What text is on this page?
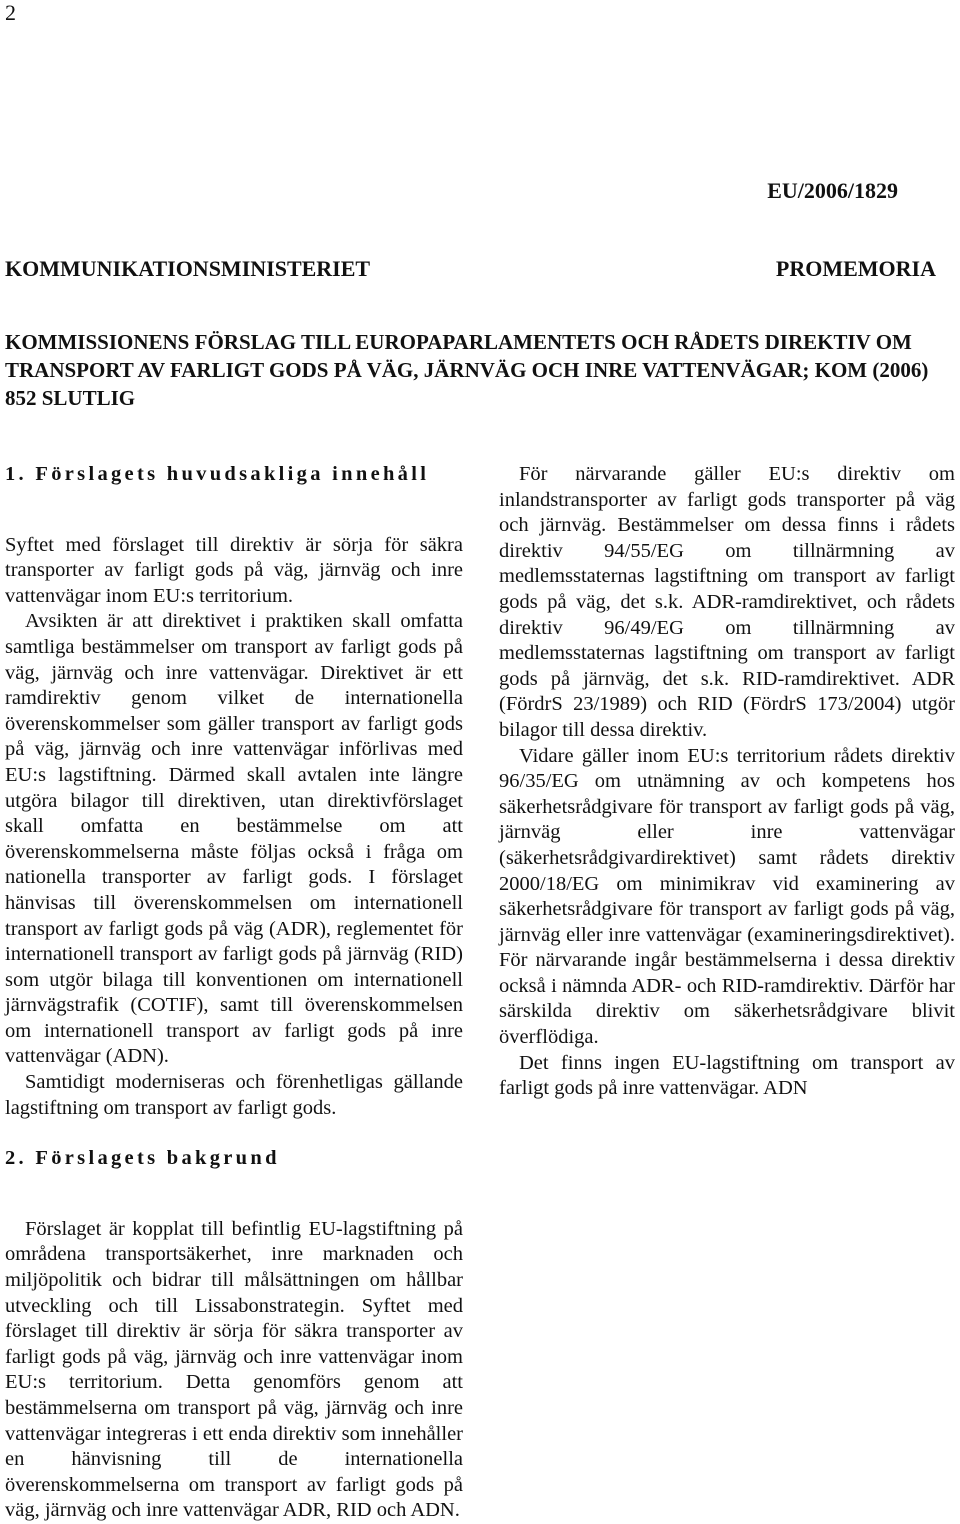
2
EU/2006/1829
KOMMUNIKATIONSMINISTERIET	PROMEMORIA
KOMMISSIONENS FÖRSLAG TILL EUROPAPARLAMENTETS OCH RÅDETS DIREKTIV OM TRANSPORT AV FARLIGT GODS PÅ VÄG, JÄRNVÄG OCH INRE VATTENVÄGAR; KOM (2006) 852 SLUTLIG

1. Förslagets huvudsakliga innehåll

Syftet med förslaget till direktiv är sörja för säkra transporter av farligt gods på väg, järnväg och inre vattenvägar inom EU:s territorium.

Avsikten är att direktivet i praktiken skall omfatta samtliga bestämmelser om transport av farligt gods på väg, järnväg och inre vattenvägar. Direktivet är ett ramdirektiv genom vilket de internationella överenskommelser som gäller transport av farligt gods på väg, järnväg och inre vattenvägar införlivas med EU:s lagstiftning. Därmed skall avtalen inte längre utgöra bilagor till direktiven, utan direktivförslaget skall omfatta en bestämmelse om att överenskommelserna måste följas också i fråga om nationella transporter av farligt gods. I förslaget hänvisas till överenskommelsen om internationell transport av farligt gods på väg (ADR), reglementet för internationell transport av farligt gods på järnväg (RID) som utgör bilaga till konventionen om internationell järnvägstrafik (COTIF), samt till överenskommelsen om internationell transport av farligt gods på inre vattenvägar (ADN).

Samtidigt moderniseras och förenhetligas gällande lagstiftning om transport av farligt gods.

2. Förslagets bakgrund

Förslaget är kopplat till befintlig EU-lagstiftning på områdena transportsäkerhet, inre marknaden och miljöpolitik och bidrar till målsättningen om hållbar utveckling och till Lissabonstrategin. Syftet med förslaget till direktiv är sörja för säkra transporter av farligt gods på väg, järnväg och inre vattenvägar inom EU:s territorium. Detta genomförs genom att bestämmelserna om transport på väg, järnväg och inre vattenvägar integreras i ett enda direktiv som innehåller en hänvisning till de internationella överenskommelserna om transport av farligt gods på väg, järnväg och inre vattenvägar ADR, RID och ADN.

För närvarande gäller EU:s direktiv om inlandstransporter av farligt gods transporter på väg och järnväg. Bestämmelser om dessa finns i rådets direktiv 94/55/EG om tillnärmning av medlemsstaternas lagstiftning om transport av farligt gods på väg, det s.k. ADR-ramdirektivet, och rådets direktiv 96/49/EG om tillnärmning av medlemsstaternas lagstiftning om transport av farligt gods på järnväg, det s.k. RID-ramdirektivet. ADR (FördrS 23/1989) och RID (FördrS 173/2004) utgör bilagor till dessa direktiv.

Vidare gäller inom EU:s territorium rådets direktiv 96/35/EG om utnämning av och kompetens hos säkerhetsrådgivare för transport av farligt gods på väg, järnväg eller inre vattenvägar (säkerhetsrådgivardirektivet) samt rådets direktiv 2000/18/EG om minimikrav vid examinering av säkerhetsrådgivare för transport av farligt gods på väg, järnväg eller inre vattenvägar (examineringsdirektivet). För närvarande ingår bestämmelserna i dessa direktiv också i nämnda ADR- och RID-ramdirektiv. Därför har särskilda direktiv om säkerhetsrådgivare blivit överflödiga.

Det finns ingen EU-lagstiftning om transport av farligt gods på inre vattenvägar. ADN
